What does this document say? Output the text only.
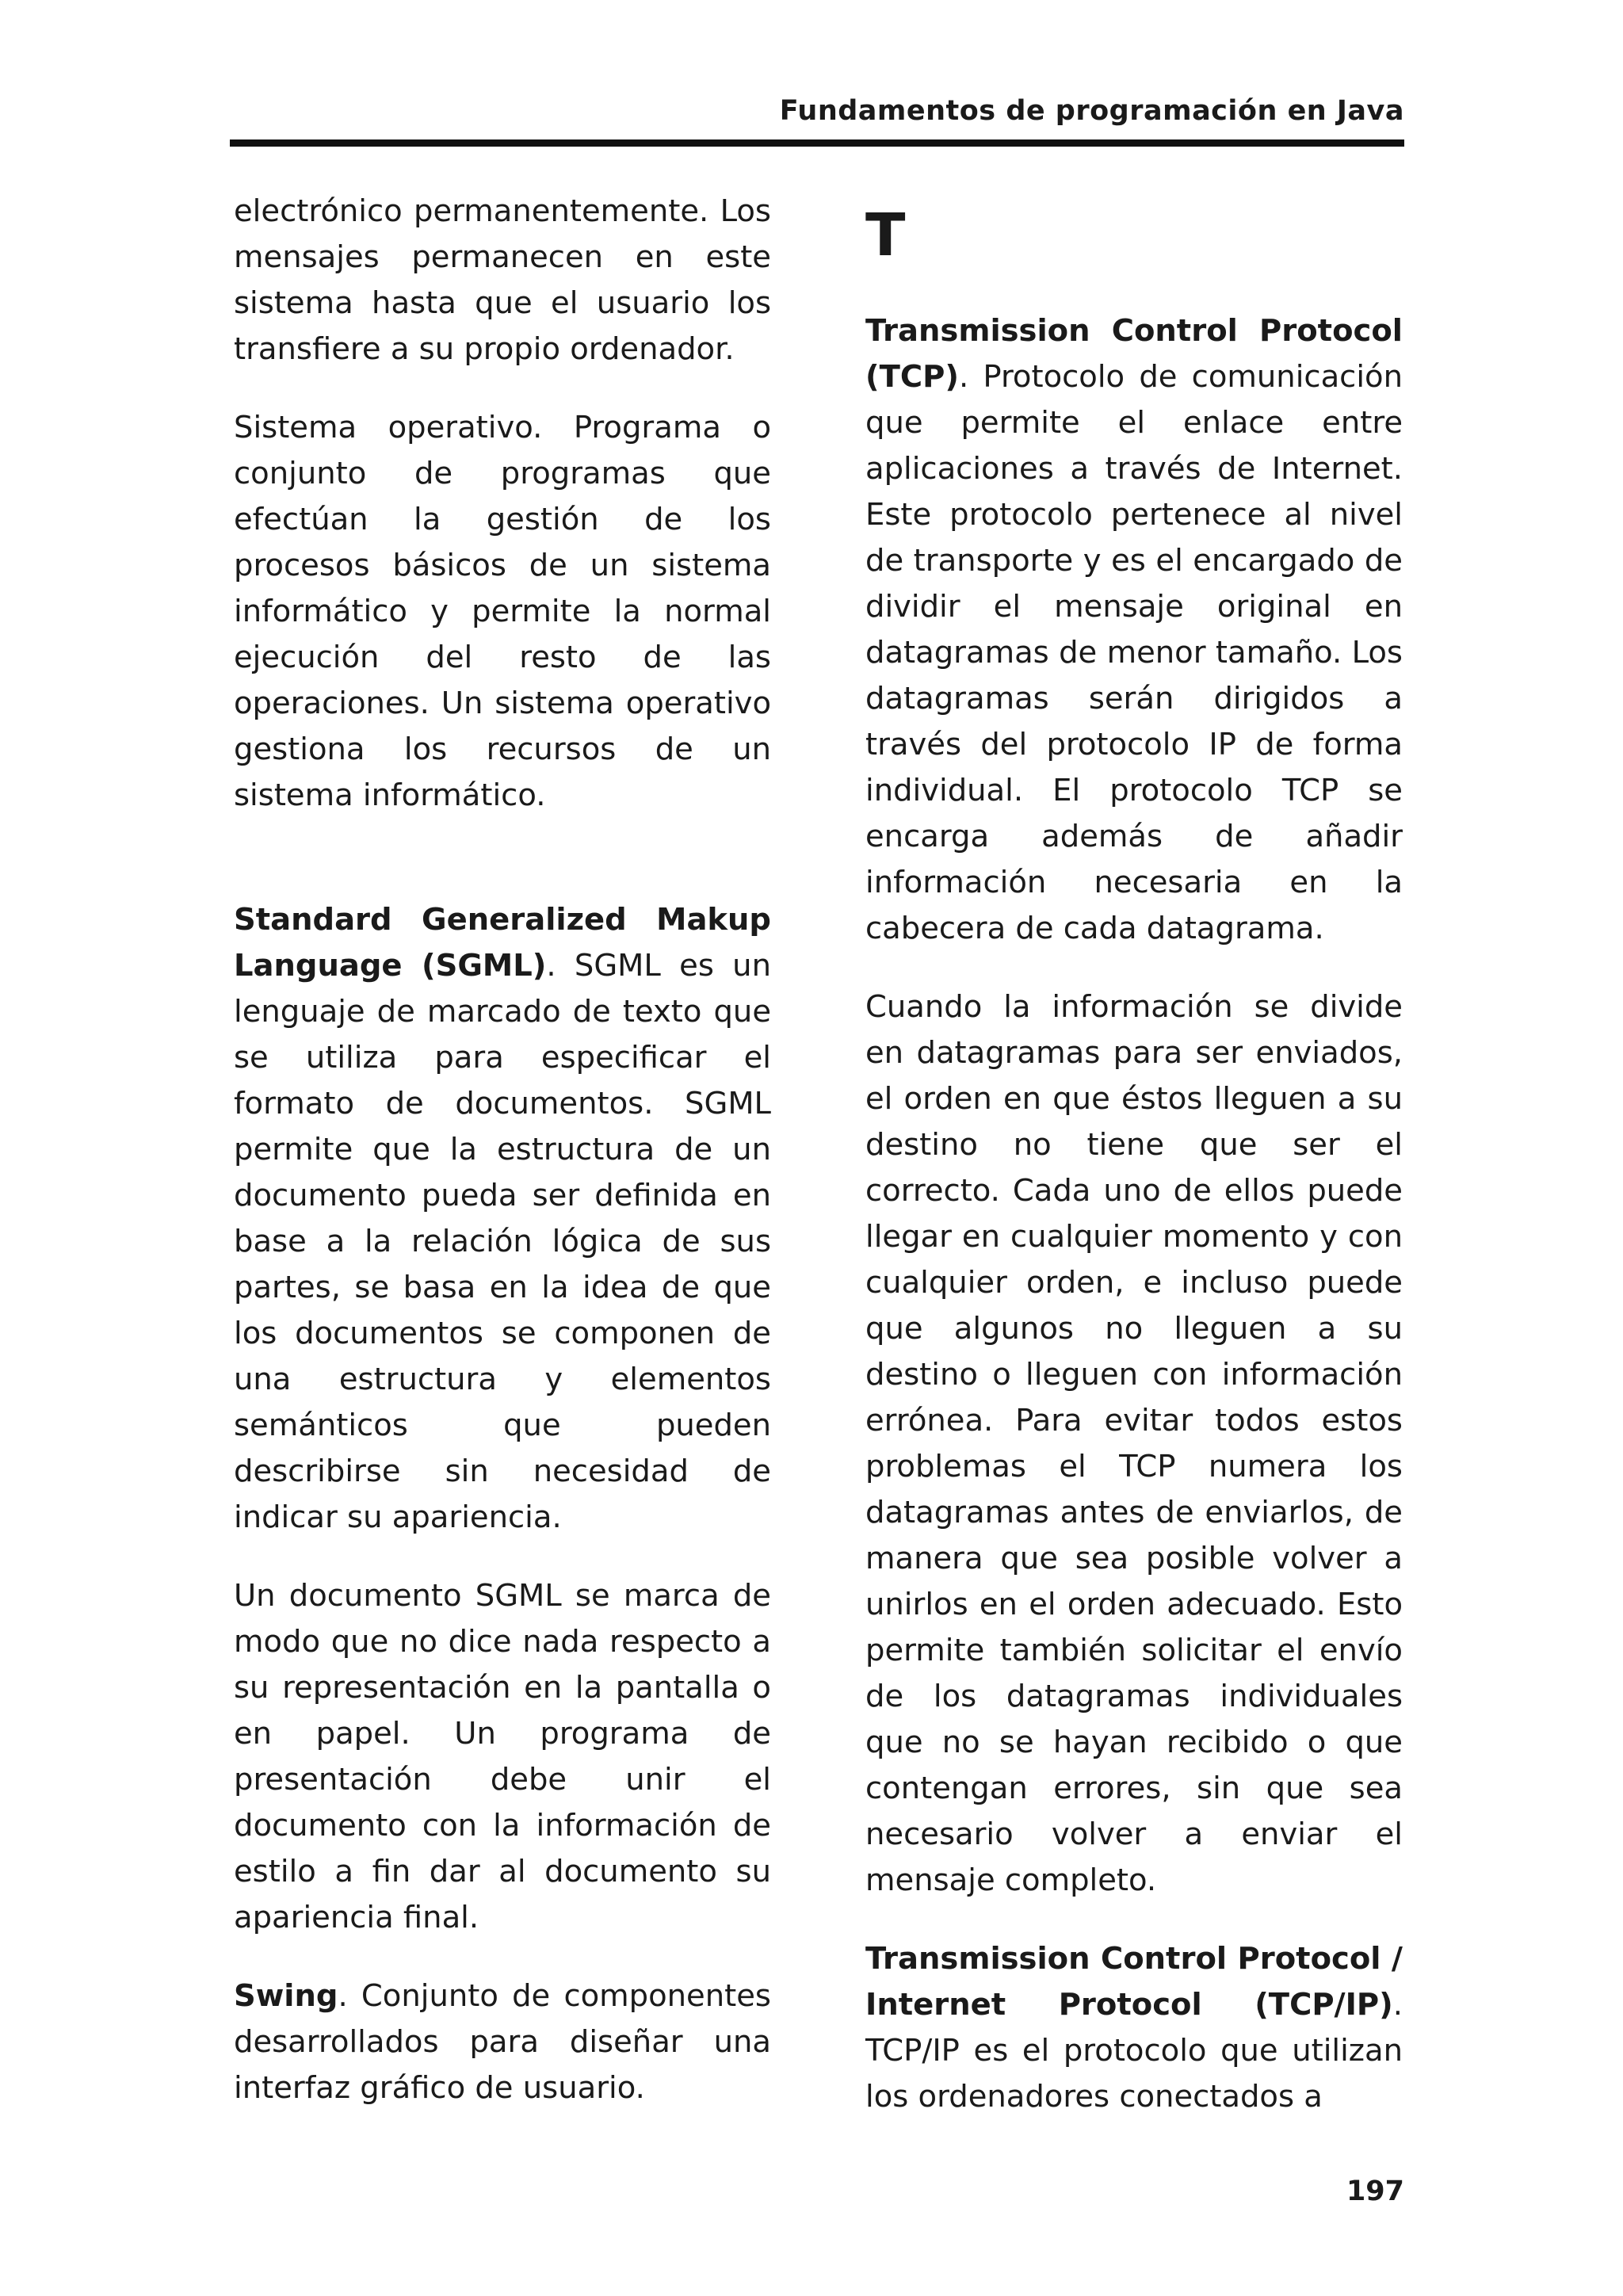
Fundamentos de programación en Java

electrónico permanentemente. Los mensajes permanecen en este sistema hasta que el usuario los transfiere a su propio ordenador.

Sistema operativo. Programa o conjunto de programas que efectúan la gestión de los procesos básicos de un sistema informático y permite la normal ejecución del resto de las operaciones. Un sistema operativo gestiona los recursos de un sistema informático.

Standard Generalized Makup Language (SGML). SGML es un lenguaje de marcado de texto que se utiliza para especificar el formato de documentos. SGML permite que la estructura de un documento pueda ser definida en base a la relación lógica de sus partes, se basa en la idea de que los documentos se componen de una estructura y elementos semánticos que pueden describirse sin necesidad de indicar su apariencia.

Un documento SGML se marca de modo que no dice nada respecto a su representación en la pantalla o en papel. Un programa de presentación debe unir el documento con la información de estilo a fin dar al documento su apariencia final.

Swing. Conjunto de componentes desarrollados para diseñar una interfaz gráfico de usuario.

T

Transmission Control Protocol (TCP). Protocolo de comunicación que permite el enlace entre aplicaciones a través de Internet. Este protocolo pertenece al nivel de transporte y es el encargado de dividir el mensaje original en datagramas de menor tamaño. Los datagramas serán dirigidos a través del protocolo IP de forma individual. El protocolo TCP se encarga además de añadir información necesaria en la cabecera de cada datagrama.

Cuando la información se divide en datagramas para ser enviados, el orden en que éstos lleguen a su destino no tiene que ser el correcto. Cada uno de ellos puede llegar en cualquier momento y con cualquier orden, e incluso puede que algunos no lleguen a su destino o lleguen con información errónea. Para evitar todos estos problemas el TCP numera los datagramas antes de enviarlos, de manera que sea posible volver a unirlos en el orden adecuado. Esto permite también solicitar el envío de los datagramas individuales que no se hayan recibido o que contengan errores, sin que sea necesario volver a enviar el mensaje completo.

Transmission Control Protocol / Internet Protocol (TCP/IP). TCP/IP es el protocolo que utilizan los ordenadores conectados a

197
